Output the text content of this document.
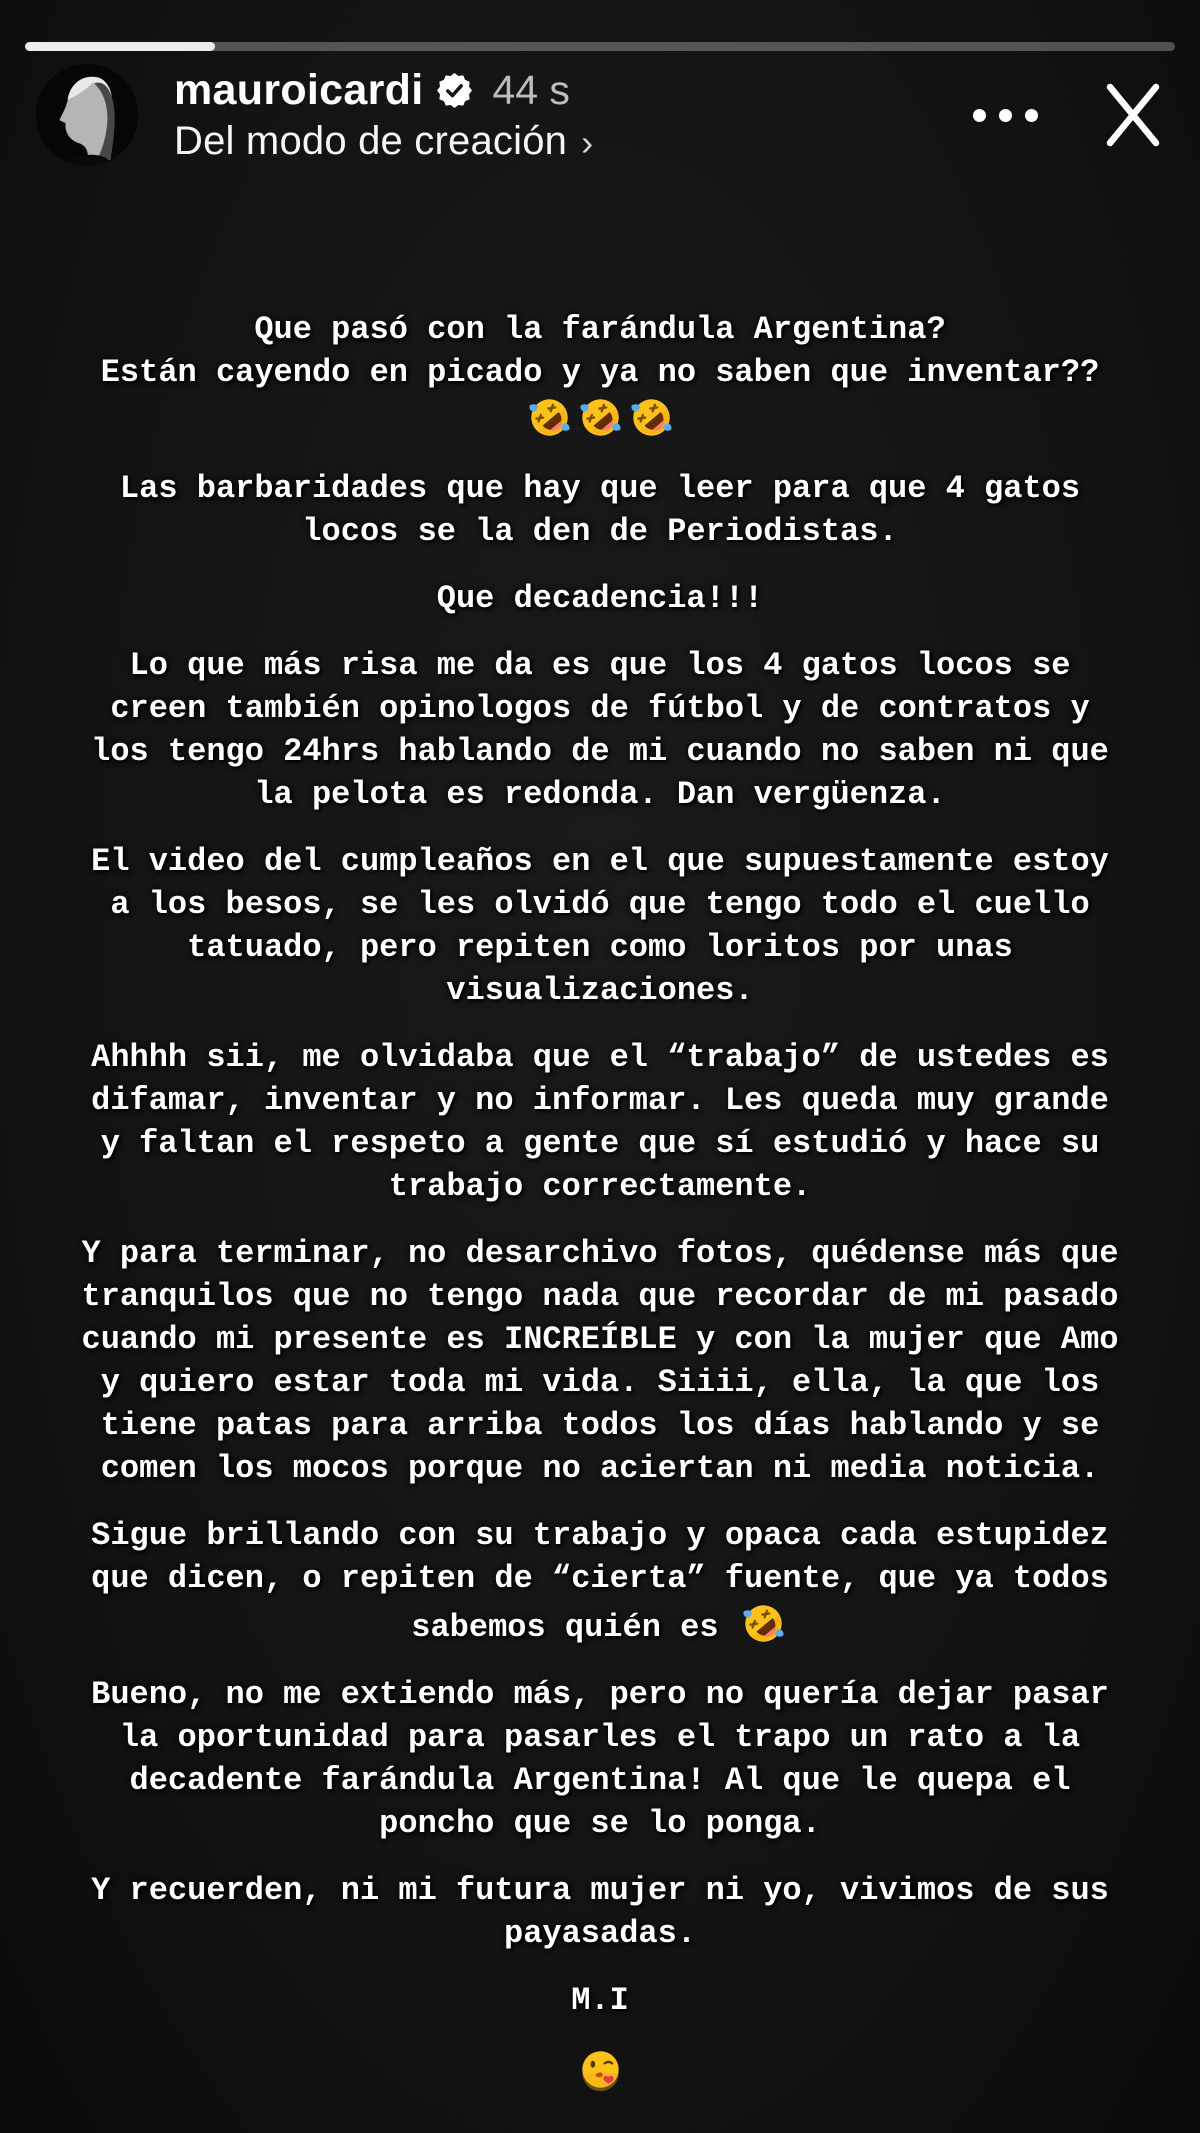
mauroicardi 44 s
Del modo de creación ›
Que pasó con la farándula Argentina?
Están cayendo en picado y ya no saben que inventar??
Las barbaridades que hay que leer para que 4 gatos
locos se la den de Periodistas.
Que decadencia!!!
Lo que más risa me da es que los 4 gatos locos se
creen también opinologos de fútbol y de contratos y
los tengo 24hrs hablando de mi cuando no saben ni que
la pelota es redonda. Dan vergüenza.
El video del cumpleaños en el que supuestamente estoy
a los besos, se les olvidó que tengo todo el cuello
tatuado, pero repiten como loritos por unas
visualizaciones.
Ahhhh sii, me olvidaba que el “trabajo” de ustedes es
difamar, inventar y no informar. Les queda muy grande
y faltan el respeto a gente que sí estudió y hace su
trabajo correctamente.
Y para terminar, no desarchivo fotos, quédense más que
tranquilos que no tengo nada que recordar de mi pasado
cuando mi presente es INCREÍBLE y con la mujer que Amo
y quiero estar toda mi vida. Siiii, ella, la que los
tiene patas para arriba todos los días hablando y se
comen los mocos porque no aciertan ni media noticia.
Sigue brillando con su trabajo y opaca cada estupidez
que dicen, o repiten de “cierta” fuente, que ya todos
sabemos quién es
Bueno, no me extiendo más, pero no quería dejar pasar
la oportunidad para pasarles el trapo un rato a la
decadente farándula Argentina! Al que le quepa el
poncho que se lo ponga.
Y recuerden, ni mi futura mujer ni yo, vivimos de sus
payasadas.
M.I
